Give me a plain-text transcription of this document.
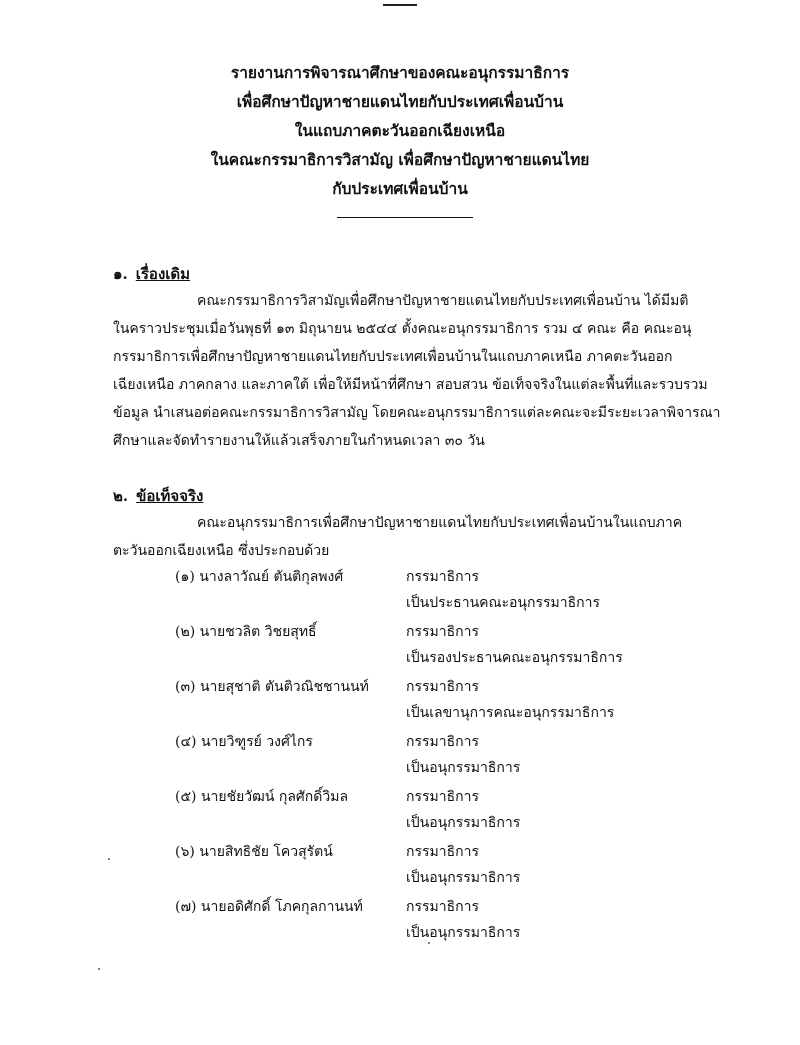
รายงานการพิจารณาศึกษาของคณะอนุกรรมาธิการ
เพื่อศึกษาปัญหาชายแดนไทยกับประเทศเพื่อนบ้าน
ในแถบภาคตะวันออกเฉียงเหนือ
ในคณะกรรมาธิการวิสามัญ เพื่อศึกษาปัญหาชายแดนไทย
กับประเทศเพื่อนบ้าน
๑. เรื่องเดิม
คณะกรรมาธิการวิสามัญเพื่อศึกษาปัญหาชายแดนไทยกับประเทศเพื่อนบ้าน ได้มีมติ
ในคราวประชุมเมื่อวันพุธที่ ๑๓ มิถุนายน ๒๕๔๔ ตั้งคณะอนุกรรมาธิการ รวม ๔ คณะ คือ คณะอนุ
กรรมาธิการเพื่อศึกษาปัญหาชายแดนไทยกับประเทศเพื่อนบ้านในแถบภาคเหนือ ภาคตะวันออก
เฉียงเหนือ ภาคกลาง และภาคใต้ เพื่อให้มีหน้าที่ศึกษา สอบสวน ข้อเท็จจริงในแต่ละพื้นที่และรวบรวม
ข้อมูล นำเสนอต่อคณะกรรมาธิการวิสามัญ โดยคณะอนุกรรมาธิการแต่ละคณะจะมีระยะเวลาพิจารณา
ศึกษาและจัดทำรายงานให้แล้วเสร็จภายในกำหนดเวลา ๓๐ วัน
๒. ข้อเท็จจริง
คณะอนุกรรมาธิการเพื่อศึกษาปัญหาชายแดนไทยกับประเทศเพื่อนบ้านในแถบภาค
ตะวันออกเฉียงเหนือ ซึ่งประกอบด้วย
(๑) นางลาวัณย์ ตันติกุลพงศ์	กรรมาธิการ
เป็นประธานคณะอนุกรรมาธิการ
(๒) นายชวลิต วิชยสุทธิ์	กรรมาธิการ
เป็นรองประธานคณะอนุกรรมาธิการ
(๓) นายสุชาติ ตันติวณิชชานนท์	กรรมาธิการ
เป็นเลขานุการคณะอนุกรรมาธิการ
(๔) นายวิฑูรย์ วงศ์ไกร	กรรมาธิการ
เป็นอนุกรรมาธิการ
(๕) นายชัยวัฒน์ กุลศักดิ์วิมล	กรรมาธิการ
เป็นอนุกรรมาธิการ
(๖) นายสิทธิชัย โควสุรัตน์	กรรมาธิการ
เป็นอนุกรรมาธิการ
(๗) นายอดิศักดิ์ โภคกุลกานนท์	กรรมาธิการ
เป็นอนุกรรมาธิการ
